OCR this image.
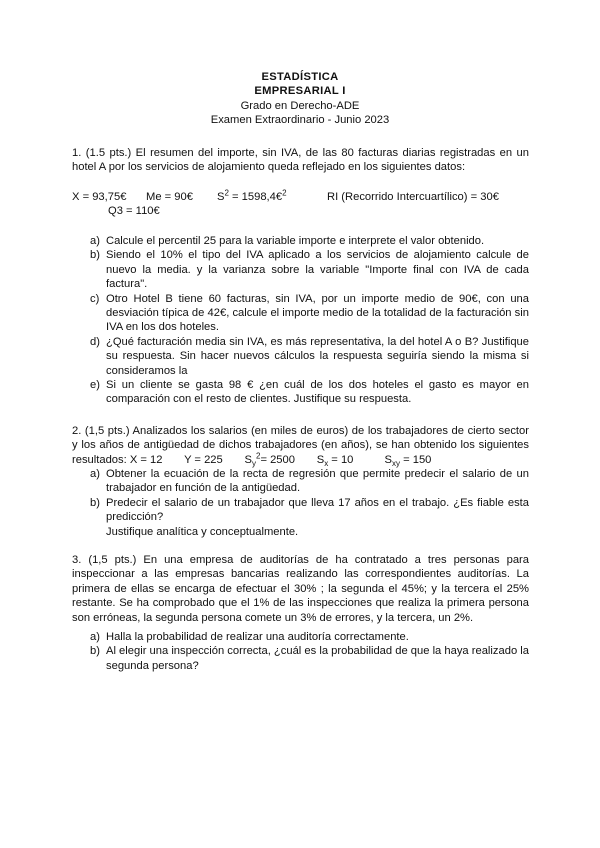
ESTADÍSTICA
EMPRESARIAL I
Grado en Derecho-ADE
Examen Extraordinario - Junio 2023
1. (1.5 pts.) El resumen del importe, sin IVA, de las 80 facturas diarias registradas en un hotel A por los servicios de alojamiento queda reflejado en los siguientes datos:
X = 93,75€ Me = 90€ $S^2$ = 1598,4€$^2$	RI (Recorrido Intercuartílico) = 30€
Q3 = 110€
a) Calcule el percentil 25 para la variable importe e interprete el valor obtenido.
b) Siendo el 10% el tipo del IVA aplicado a los servicios de alojamiento calcule de nuevo la media. y la varianza sobre la variable "Importe final con IVA de cada factura".
c) Otro Hotel B tiene 60 facturas, sin IVA, por un importe medio de 90€, con una desviación típica de 42€, calcule el importe medio de la totalidad de la facturación sin IVA en los dos hoteles.
d) ¿Qué facturación media sin IVA, es más representativa, la del hotel A o B? Justifique su respuesta. Sin hacer nuevos cálculos la respuesta seguiría siendo la misma si consideramos la
e) Si un cliente se gasta 98 € ¿en cuál de los dos hoteles el gasto es mayor en comparación con el resto de clientes. Justifique su respuesta.
2. (1,5 pts.) Analizados los salarios (en miles de euros) de los trabajadores de cierto sector y los años de antigüedad de dichos trabajadores (en años), se han obtenido los siguientes resultados: X = 12 Y = 225 $S_y^2= 2500$ $S_x = 10$	$S_{xy} = 150$
a) Obtener la ecuación de la recta de regresión que permite predecir el salario de un trabajador en función de la antigüedad.
b) Predecir el salario de un trabajador que lleva 17 años en el trabajo. ¿Es fiable esta predicción?
Justifique analítica y conceptualmente.
3. (1,5 pts.) En una empresa de auditorías de ha contratado a tres personas para inspeccionar a las empresas bancarias realizando las correspondientes auditorías. La primera de ellas se encarga de efectuar el 30% ; la segunda el 45%; y la tercera el 25% restante. Se ha comprobado que el 1% de las inspecciones que realiza la primera persona son erróneas, la segunda persona comete un 3% de errores, y la tercera, un 2%.
a) Halla la probabilidad de realizar una auditoría correctamente.
b) Al elegir una inspección correcta, ¿cuál es la probabilidad de que la haya realizado la segunda persona?
